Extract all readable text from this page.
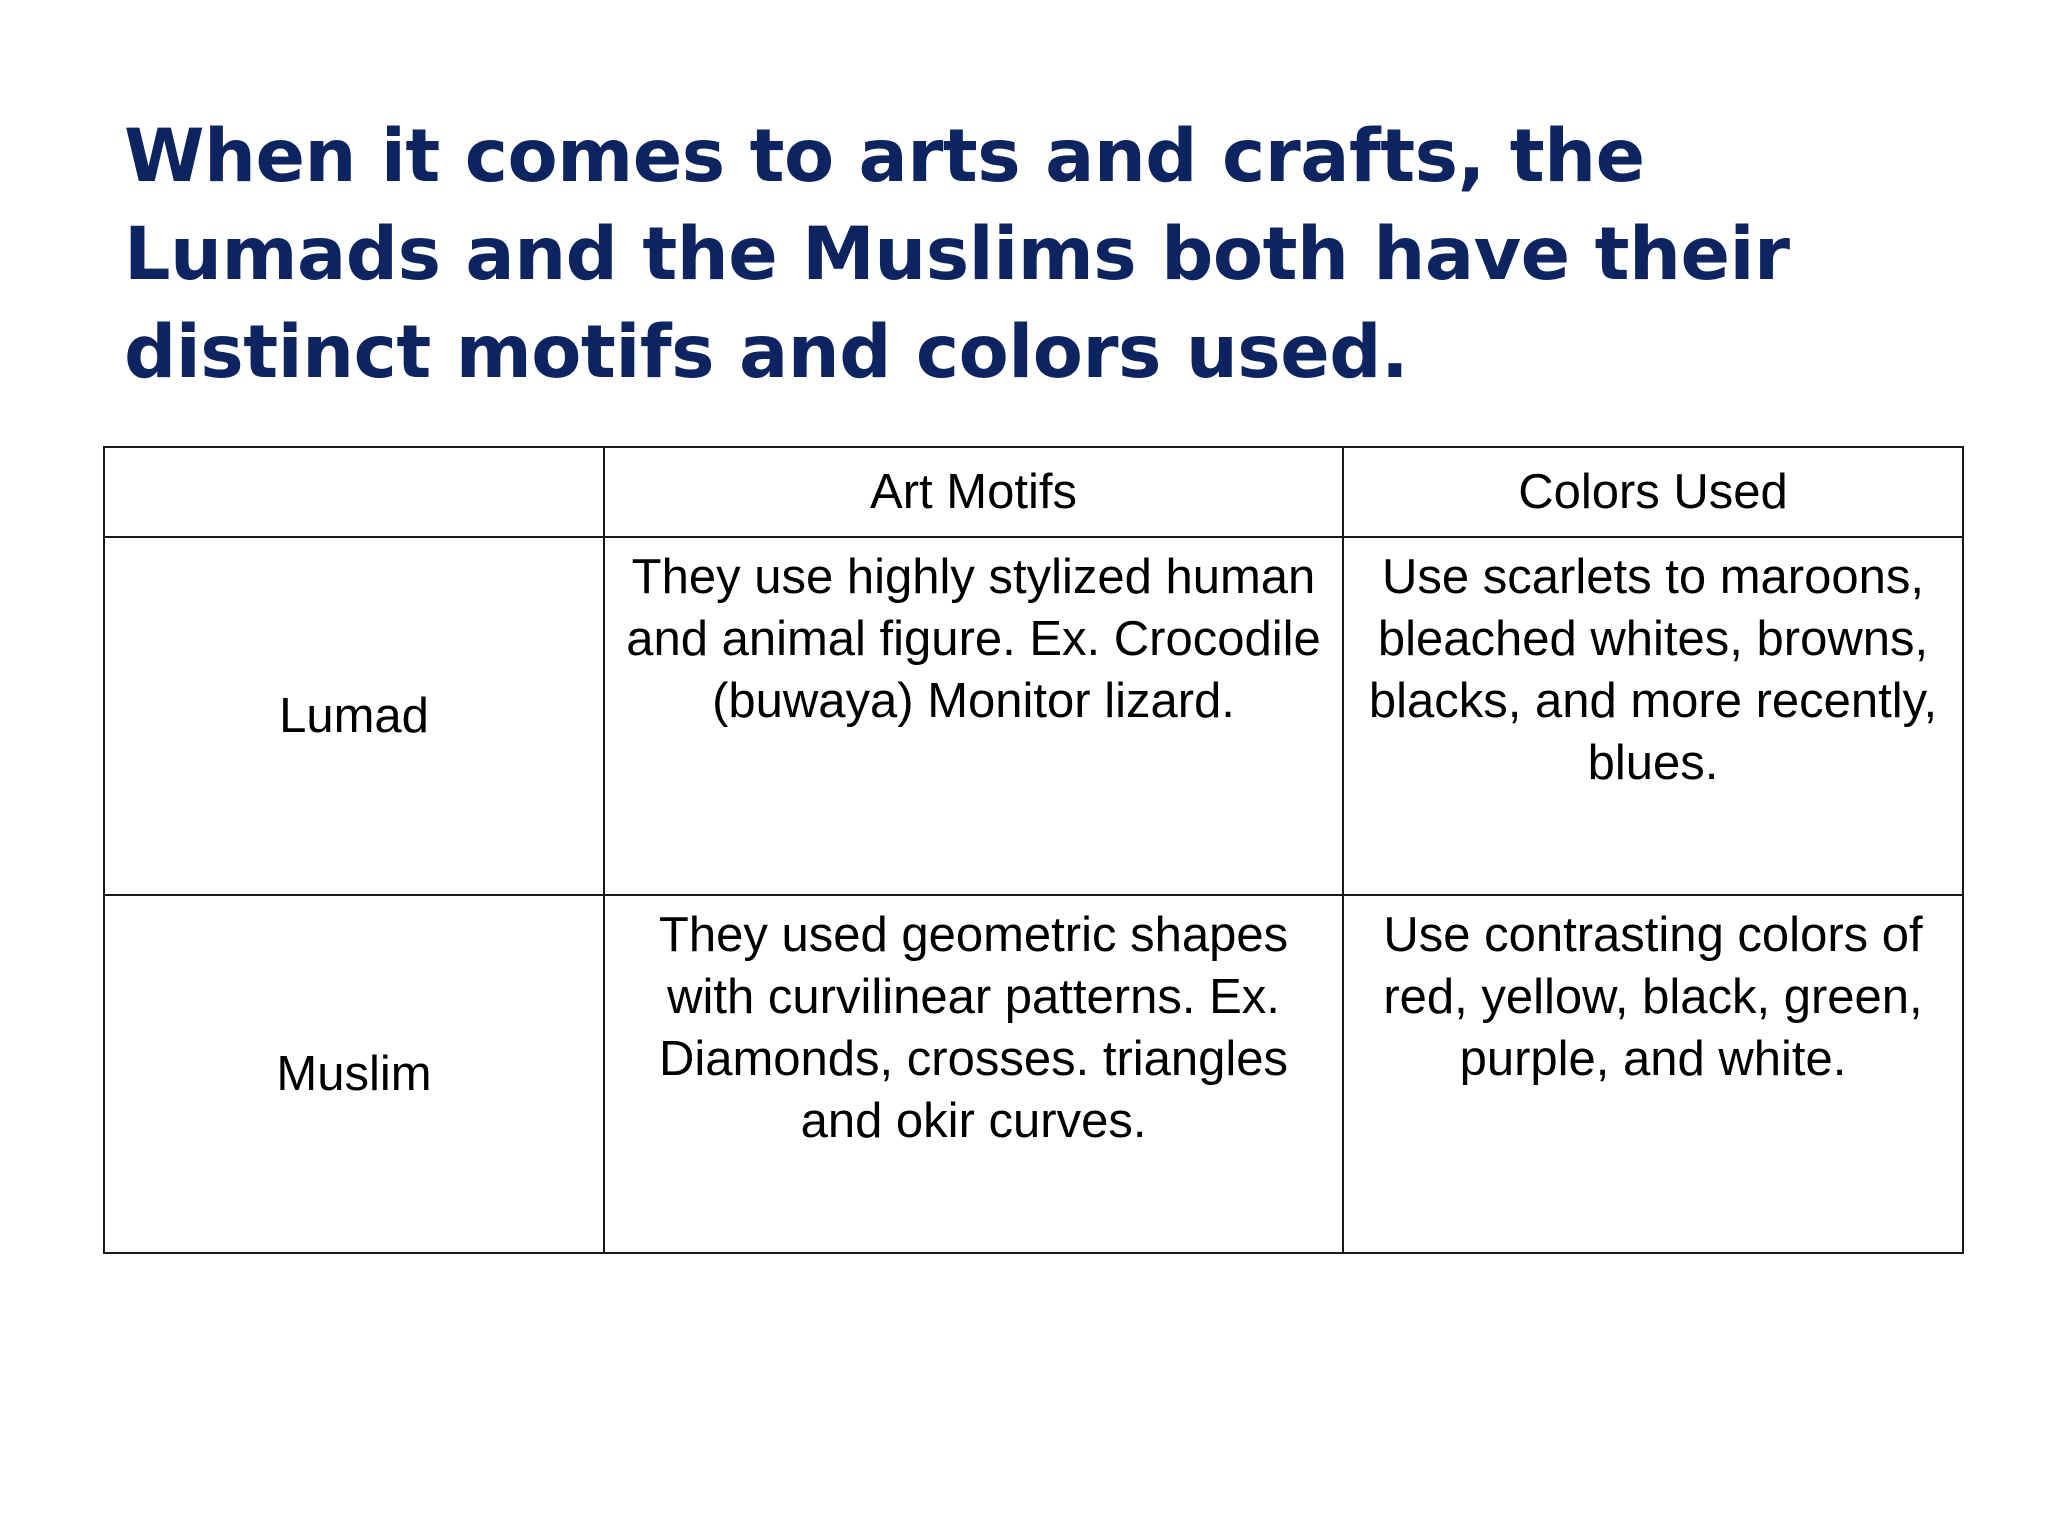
When it comes to arts and crafts, the Lumads and the Muslims both have their distinct motifs and colors used.
	Art Motifs	Colors Used
Lumad	They use highly stylized human and animal figure. Ex. Crocodile (buwaya) Monitor lizard.	Use scarlets to maroons, bleached whites, browns, blacks, and more recently, blues.
Muslim	They used geometric shapes with curvilinear patterns. Ex. Diamonds, crosses. triangles and okir curves.	Use contrasting colors of red, yellow, black, green, purple, and white.
